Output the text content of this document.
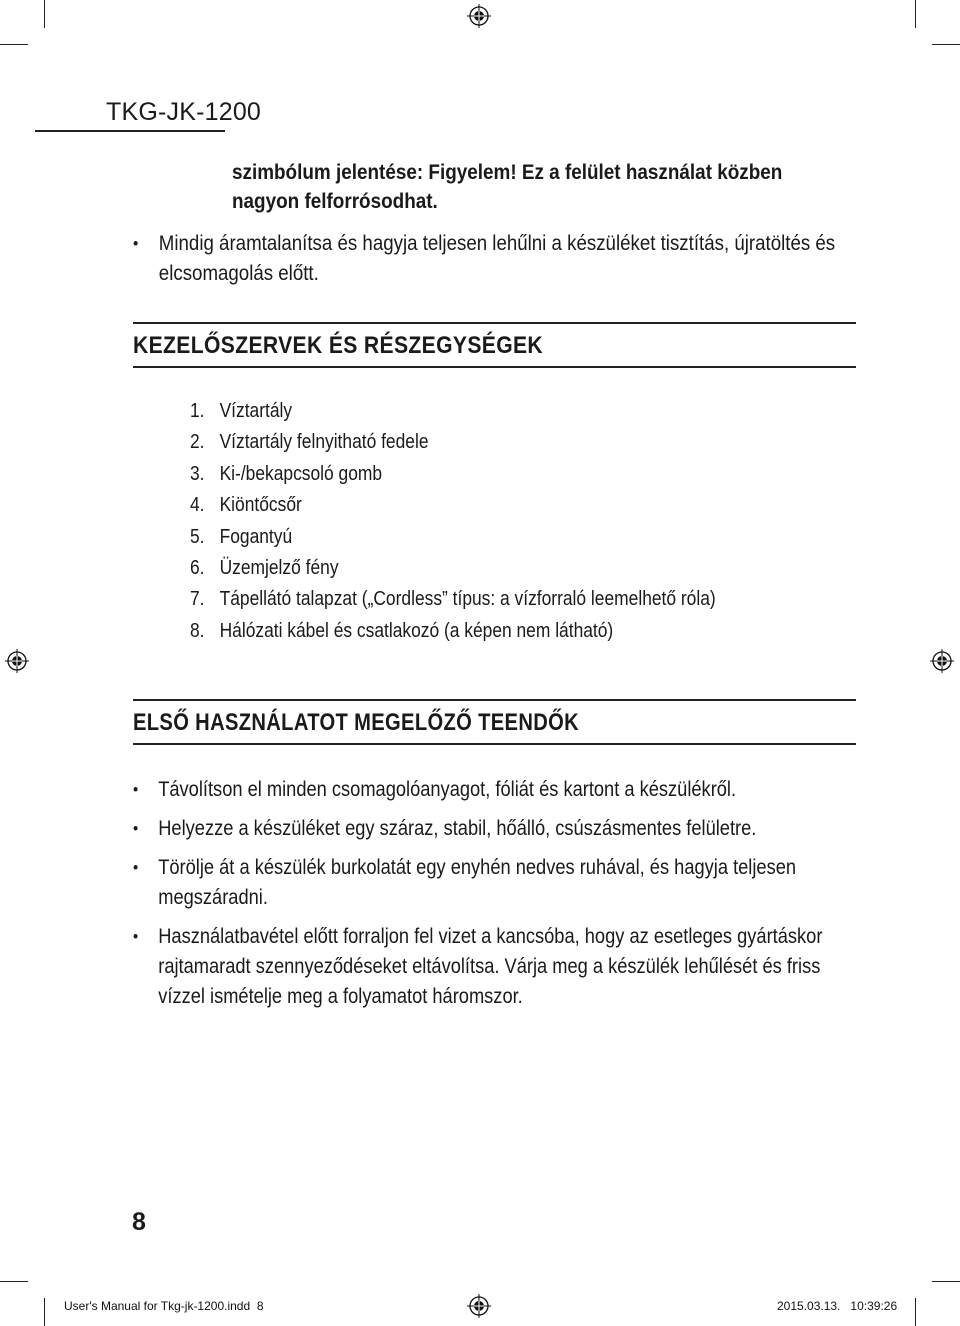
TKG-JK-1200
szimbólum jelentése: Figyelem! Ez a felület használat közben nagyon felforrósodhat.
• Mindig áramtalanítsa és hagyja teljesen lehűlni a készüléket tisztítás, újratöltés és elcsomagolás előtt.
KEZELŐSZERVEK ÉS RÉSZEGYSÉGEK
1. Víztartály
2. Víztartály felnyitható fedele
3. Ki-/bekapcsoló gomb
4. Kiöntőcsőr
5. Fogantyú
6. Üzemjelző fény
7. Tápellátó talapzat („Cordless” típus: a vízforraló leemelhető róla)
8. Hálózati kábel és csatlakozó (a képen nem látható)
ELSŐ HASZNÁLATOT MEGELŐZŐ TEENDŐK
• Távolítson el minden csomagolóanyagot, fóliát és kartont a készülékről.
• Helyezze a készüléket egy száraz, stabil, hőálló, csúszásmentes felületre.
• Törölje át a készülék burkolatát egy enyhén nedves ruhával, és hagyja teljesen megszáradni.
• Használatbavétel előtt forraljon fel vizet a kancsóba, hogy az esetleges gyártáskor rajtamaradt szennyeződéseket eltávolítsa. Várja meg a készülék lehűlését és friss vízzel ismételje meg a folyamatot háromszor.
8
User's Manual for Tkg-jk-1200.indd 8	2015.03.13. 10:39:26
